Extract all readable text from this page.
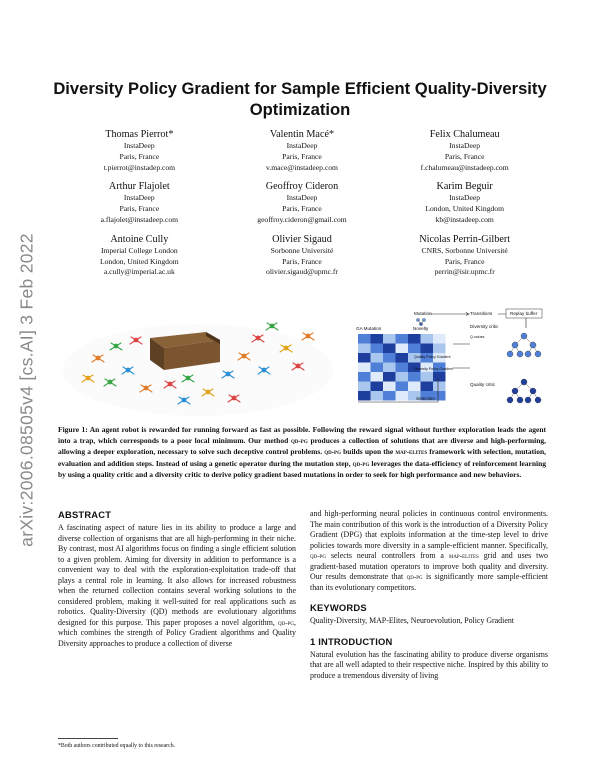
arXiv:2006.08505v4 [cs.AI] 3 Feb 2022
Diversity Policy Gradient for Sample Efficient Quality-Diversity Optimization
Thomas Pierrot*
InstaDeep
Paris, France
t.pierrot@instadep.com
Valentin Macé*
InstaDeep
Paris, France
v.mace@instadeep.com
Felix Chalumeau
InstaDeep
Paris, France
f.chalumeau@instadeep.com
Arthur Flajolet
InstaDeep
Paris, France
a.flajolet@instadeep.com
Geoffroy Cideron
InstaDeep
Paris, France
geoffroy.cideron@gmail.com
Karim Beguir
InstaDeep
London, United Kingdom
kb@instadeep.com
Antoine Cully
Imperial College London
London, United Kingdom
a.cully@imperial.ac.uk
Olivier Sigaud
Sorbonne Université
Paris, France
olivier.sigaud@upmc.fr
Nicolas Perrin-Gilbert
CNRS, Sorbonne Université
Paris, France
perrin@isir.upmc.fr
GA Mutation
Mutation
Novelty
Selection
Quality Policy Gradient
Diversity Policy Gradient
Transitions	Replay buffer
Diversity critic
Q-values
Quality critic

Figure 1: An agent robot is rewarded for running forward as fast as possible. Following the reward signal without further exploration leads the agent into a trap, which corresponds to a poor local minimum. Our method qd-pg produces a collection of solutions that are diverse and high-performing, allowing a deeper exploration, necessary to solve such deceptive control problems. qd-pg builds upon the map-elites framework with selection, mutation, evaluation and addition steps. Instead of using a genetic operator during the mutation step, qd-pg leverages the data-efficiency of reinforcement learning by using a quality critic and a diversity critic to derive policy gradient based mutations in order to seek for high performance and new behaviors.

ABSTRACT

A fascinating aspect of nature lies in its ability to produce a large and diverse collection of organisms that are all high-performing in their niche. By contrast, most AI algorithms focus on finding a single efficient solution to a given problem. Aiming for diversity in addition to performance is a convenient way to deal with the exploration-exploitation trade-off that plays a central role in learning. It also allows for increased robustness when the returned collection contains several working solutions to the considered problem, making it well-suited for real applications such as robotics. Quality-Diversity (QD) methods are evolutionary algorithms designed for this purpose. This paper proposes a novel algorithm, qd-pg, which combines the strength of Policy Gradient algorithms and Quality Diversity approaches to produce a collection of diverse

*Both authors contributed equally to this research.

and high-performing neural policies in continuous control environments. The main contribution of this work is the introduction of a Diversity Policy Gradient (DPG) that exploits information at the time-step level to drive policies towards more diversity in a sample-efficient manner. Specifically, qd-pg selects neural controllers from a map-elites grid and uses two gradient-based mutation operators to improve both quality and diversity. Our results demonstrate that qd-pg is significantly more sample-efficient than its evolutionary competitors.

KEYWORDS

Quality-Diversity, MAP-Elites, Neuroevolution, Policy Gradient

1 INTRODUCTION

Natural evolution has the fascinating ability to produce diverse organisms that are all well adapted to their respective niche. Inspired by this ability to produce a tremendous diversity of living
